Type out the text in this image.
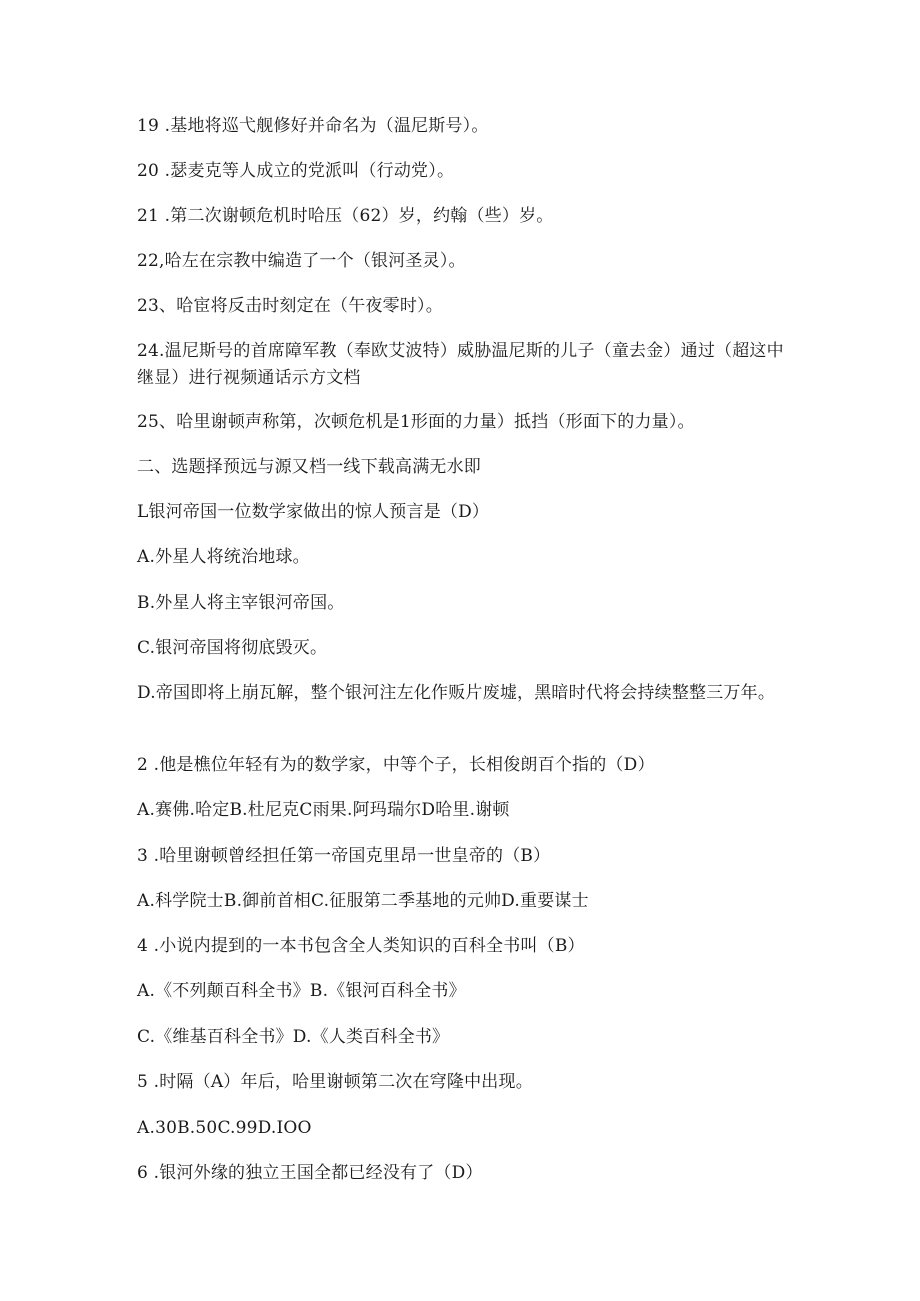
19 .基地将巡弋舰修好并命名为（温尼斯号）。
20 .瑟麦克等人成立的党派叫（行动党）。
21 .第二次谢顿危机时哈压（62）岁，约翰（些）岁。
22,哈左在宗教中编造了一个（银河圣灵）。
23、哈宦将反击时刻定在（午夜零时）。
24.温尼斯号的首席障军教（奉欧艾波特）威胁温尼斯的儿子（童去金）通过（超这中继显）进行视频通话示方文档
25、哈里谢顿声称第，次顿危机是1形面的力量）抵挡（形面下的力量）。
二、选题择预远与源又档一线下载高满无水即
L银河帝国一位数学家做出的惊人预言是（D）
A.外星人将统治地球。
B.外星人将主宰银河帝国。
C.银河帝国将彻底毁灭。
D.帝国即将上崩瓦解，整个银河注左化作贩片废墟，黑暗时代将会持续整整三万年。
2 .他是樵位年轻有为的数学家，中等个子，长相俊朗百个指的（D）
A.赛佛.哈定B.杜尼克C雨果.阿玛瑞尔D哈里.谢顿
3 .哈里谢顿曾经担任第一帝国克里昂一世皇帝的（B）
A.科学院士B.御前首相C.征服第二季基地的元帅D.重要谋士
4 .小说内提到的一本书包含全人类知识的百科全书叫（B）
A.《不列颠百科全书》B.《银河百科全书》
C.《维基百科全书》D.《人类百科全书》
5 .时隔（A）年后，哈里谢顿第二次在穹隆中出现。
A.30B.50C.99D.IOO
6 .银河外缘的独立王国全都已经没有了（D）
